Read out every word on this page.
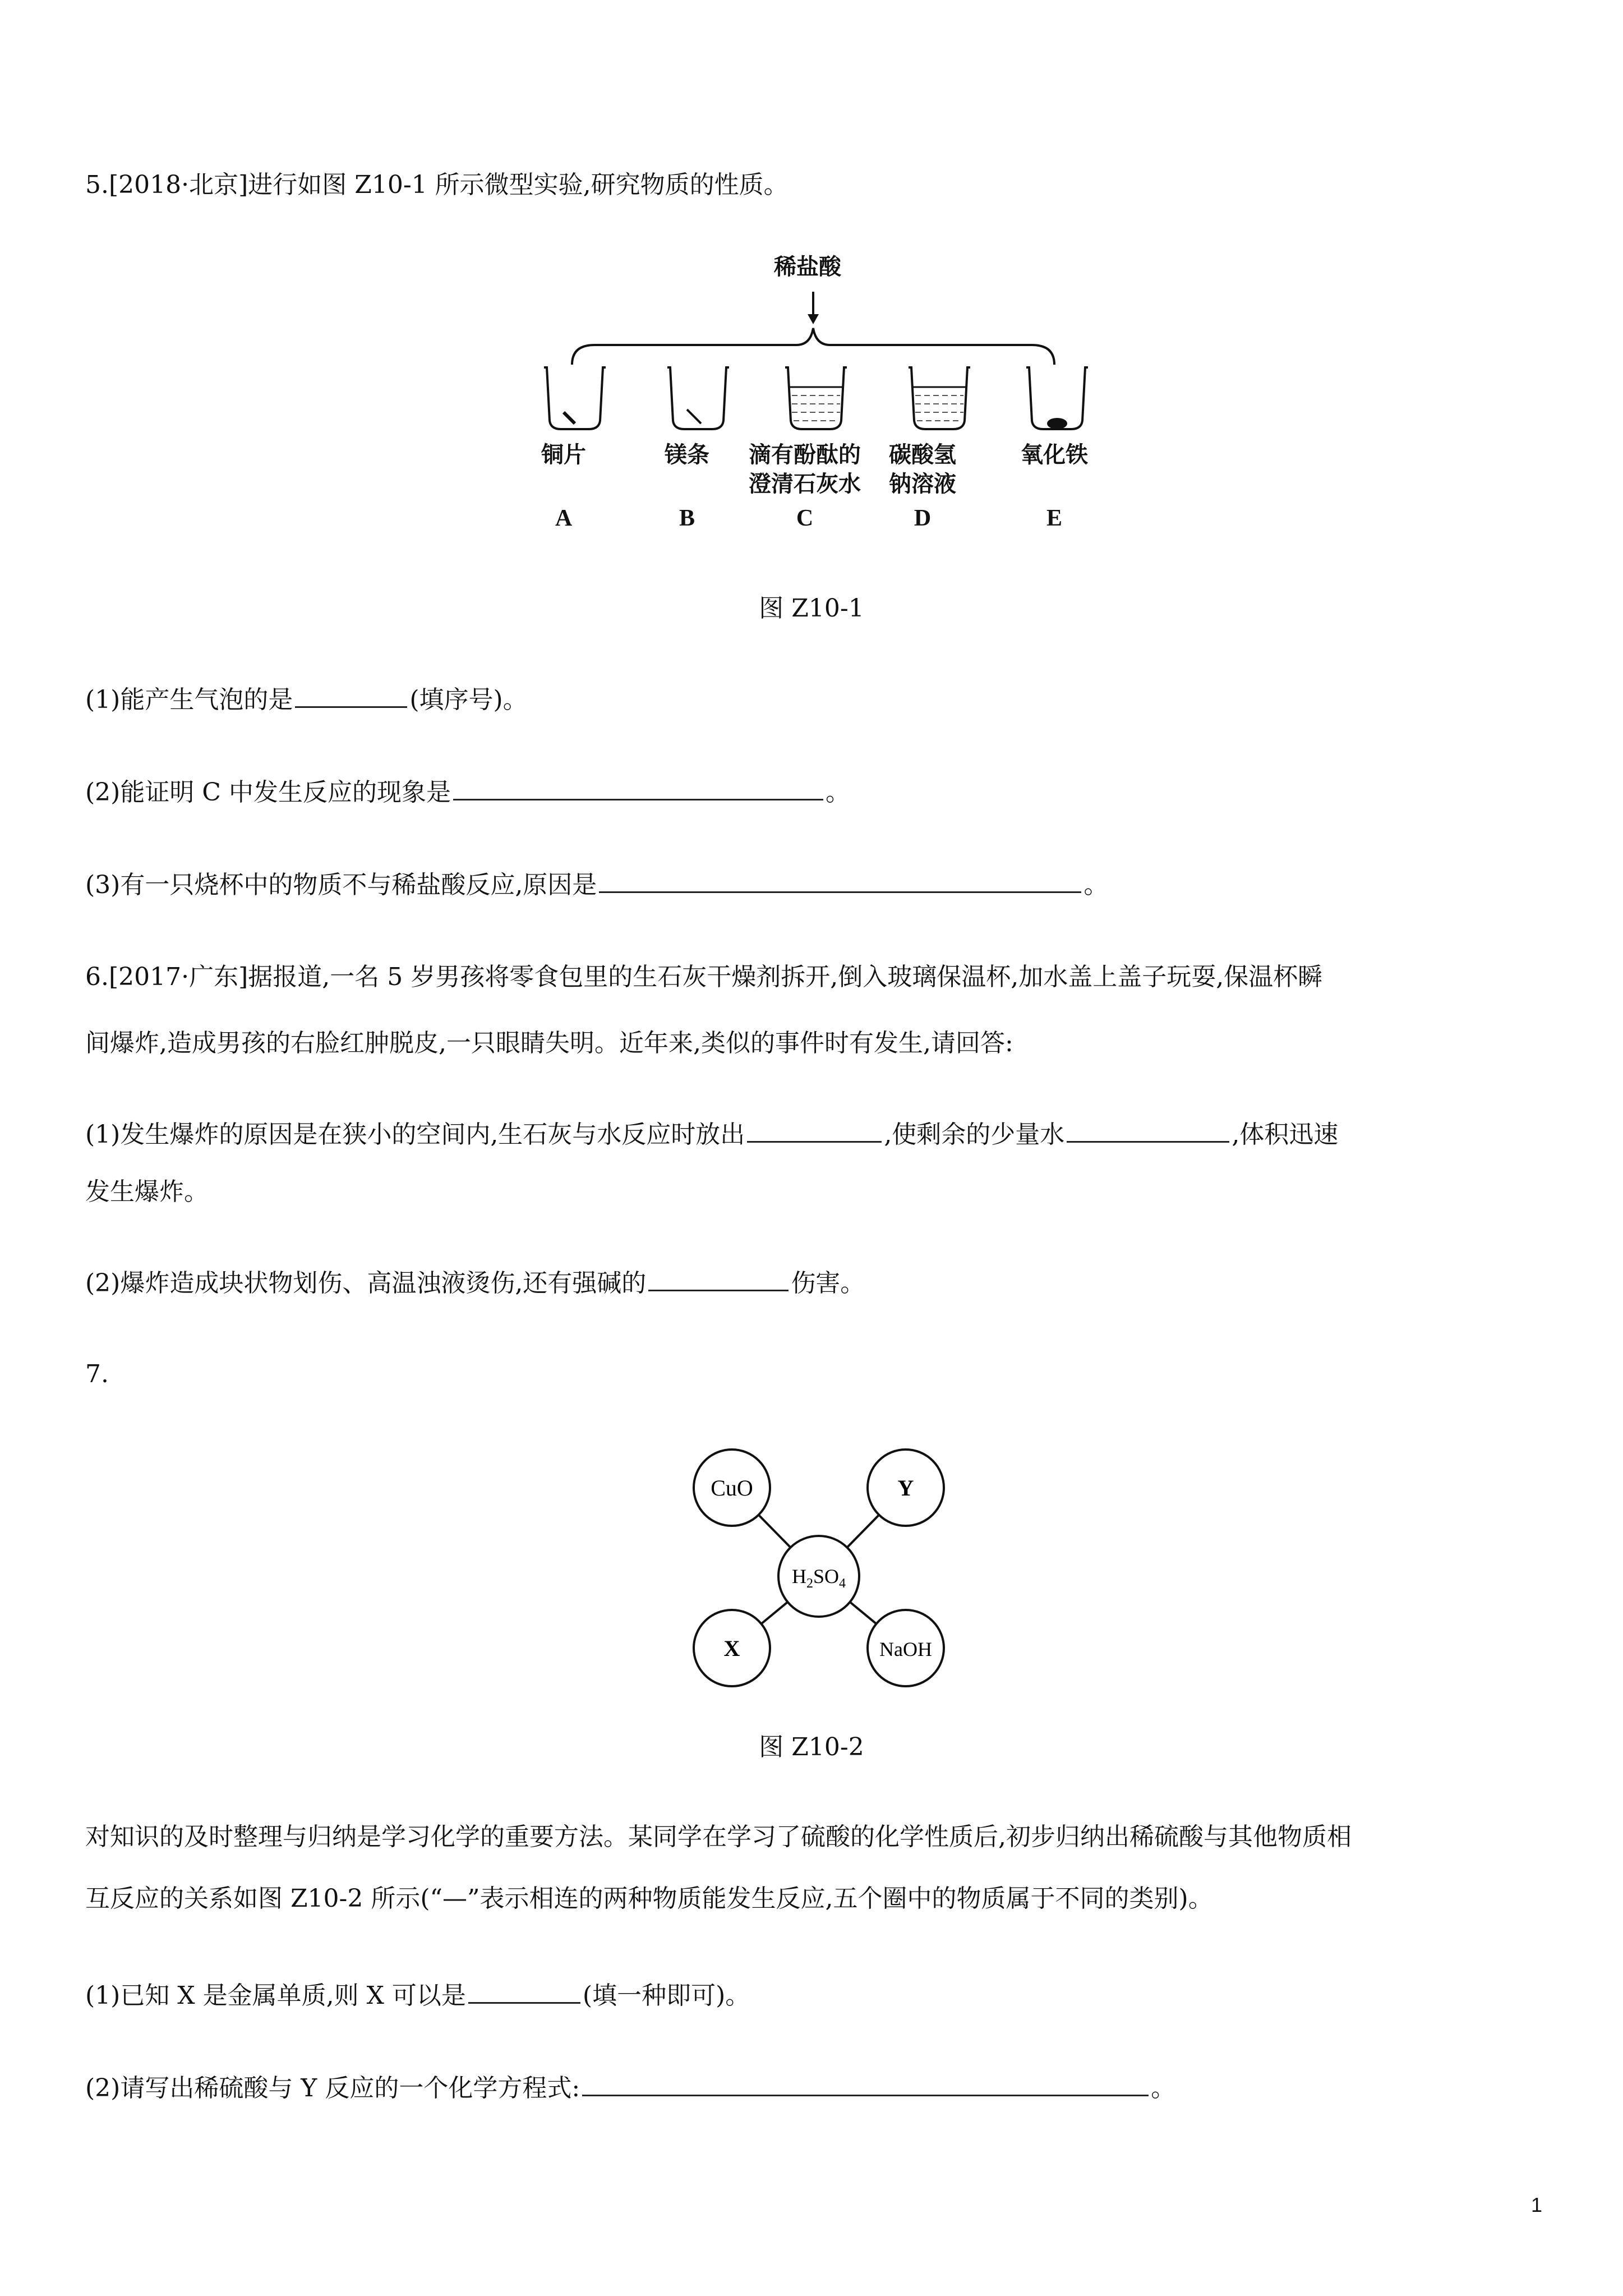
5.[2018·北京]进行如图 Z10-1 所示微型实验,研究物质的性质。
稀盐酸
铜片	镁条	滴有酚酞的
澄清石灰水
碳酸氢
钠溶液
氧化铁
A	B	C	D	E
图 Z10-1
(1)能产生气泡的是	(填序号)。
(2)能证明 C 中发生反应的现象是	。
(3)有一只烧杯中的物质不与稀盐酸反应,原因是	。
6.[2017·广东]据报道,一名 5 岁男孩将零食包里的生石灰干燥剂拆开,倒入玻璃保温杯,加水盖上盖子玩耍,保温杯瞬
间爆炸,造成男孩的右脸红肿脱皮,一只眼睛失明。近年来,类似的事件时有发生,请回答:
(1)发生爆炸的原因是在狭小的空间内,生石灰与水反应时放出	,使剩余的少量水	,体积迅速
发生爆炸。
(2)爆炸造成块状物划伤、高温浊液烫伤,还有强碱的	伤害。
7.
CuO	Y
$H_2SO_4$
X	NaOH
图 Z10-2
对知识的及时整理与归纳是学习化学的重要方法。某同学在学习了硫酸的化学性质后,初步归纳出稀硫酸与其他物质相
互反应的关系如图 Z10-2 所示(“—”表示相连的两种物质能发生反应,五个圈中的物质属于不同的类别)。
(1)已知 X 是金属单质,则 X 可以是	(填一种即可)。
(2)请写出稀硫酸与 Y 反应的一个化学方程式:	。
1
